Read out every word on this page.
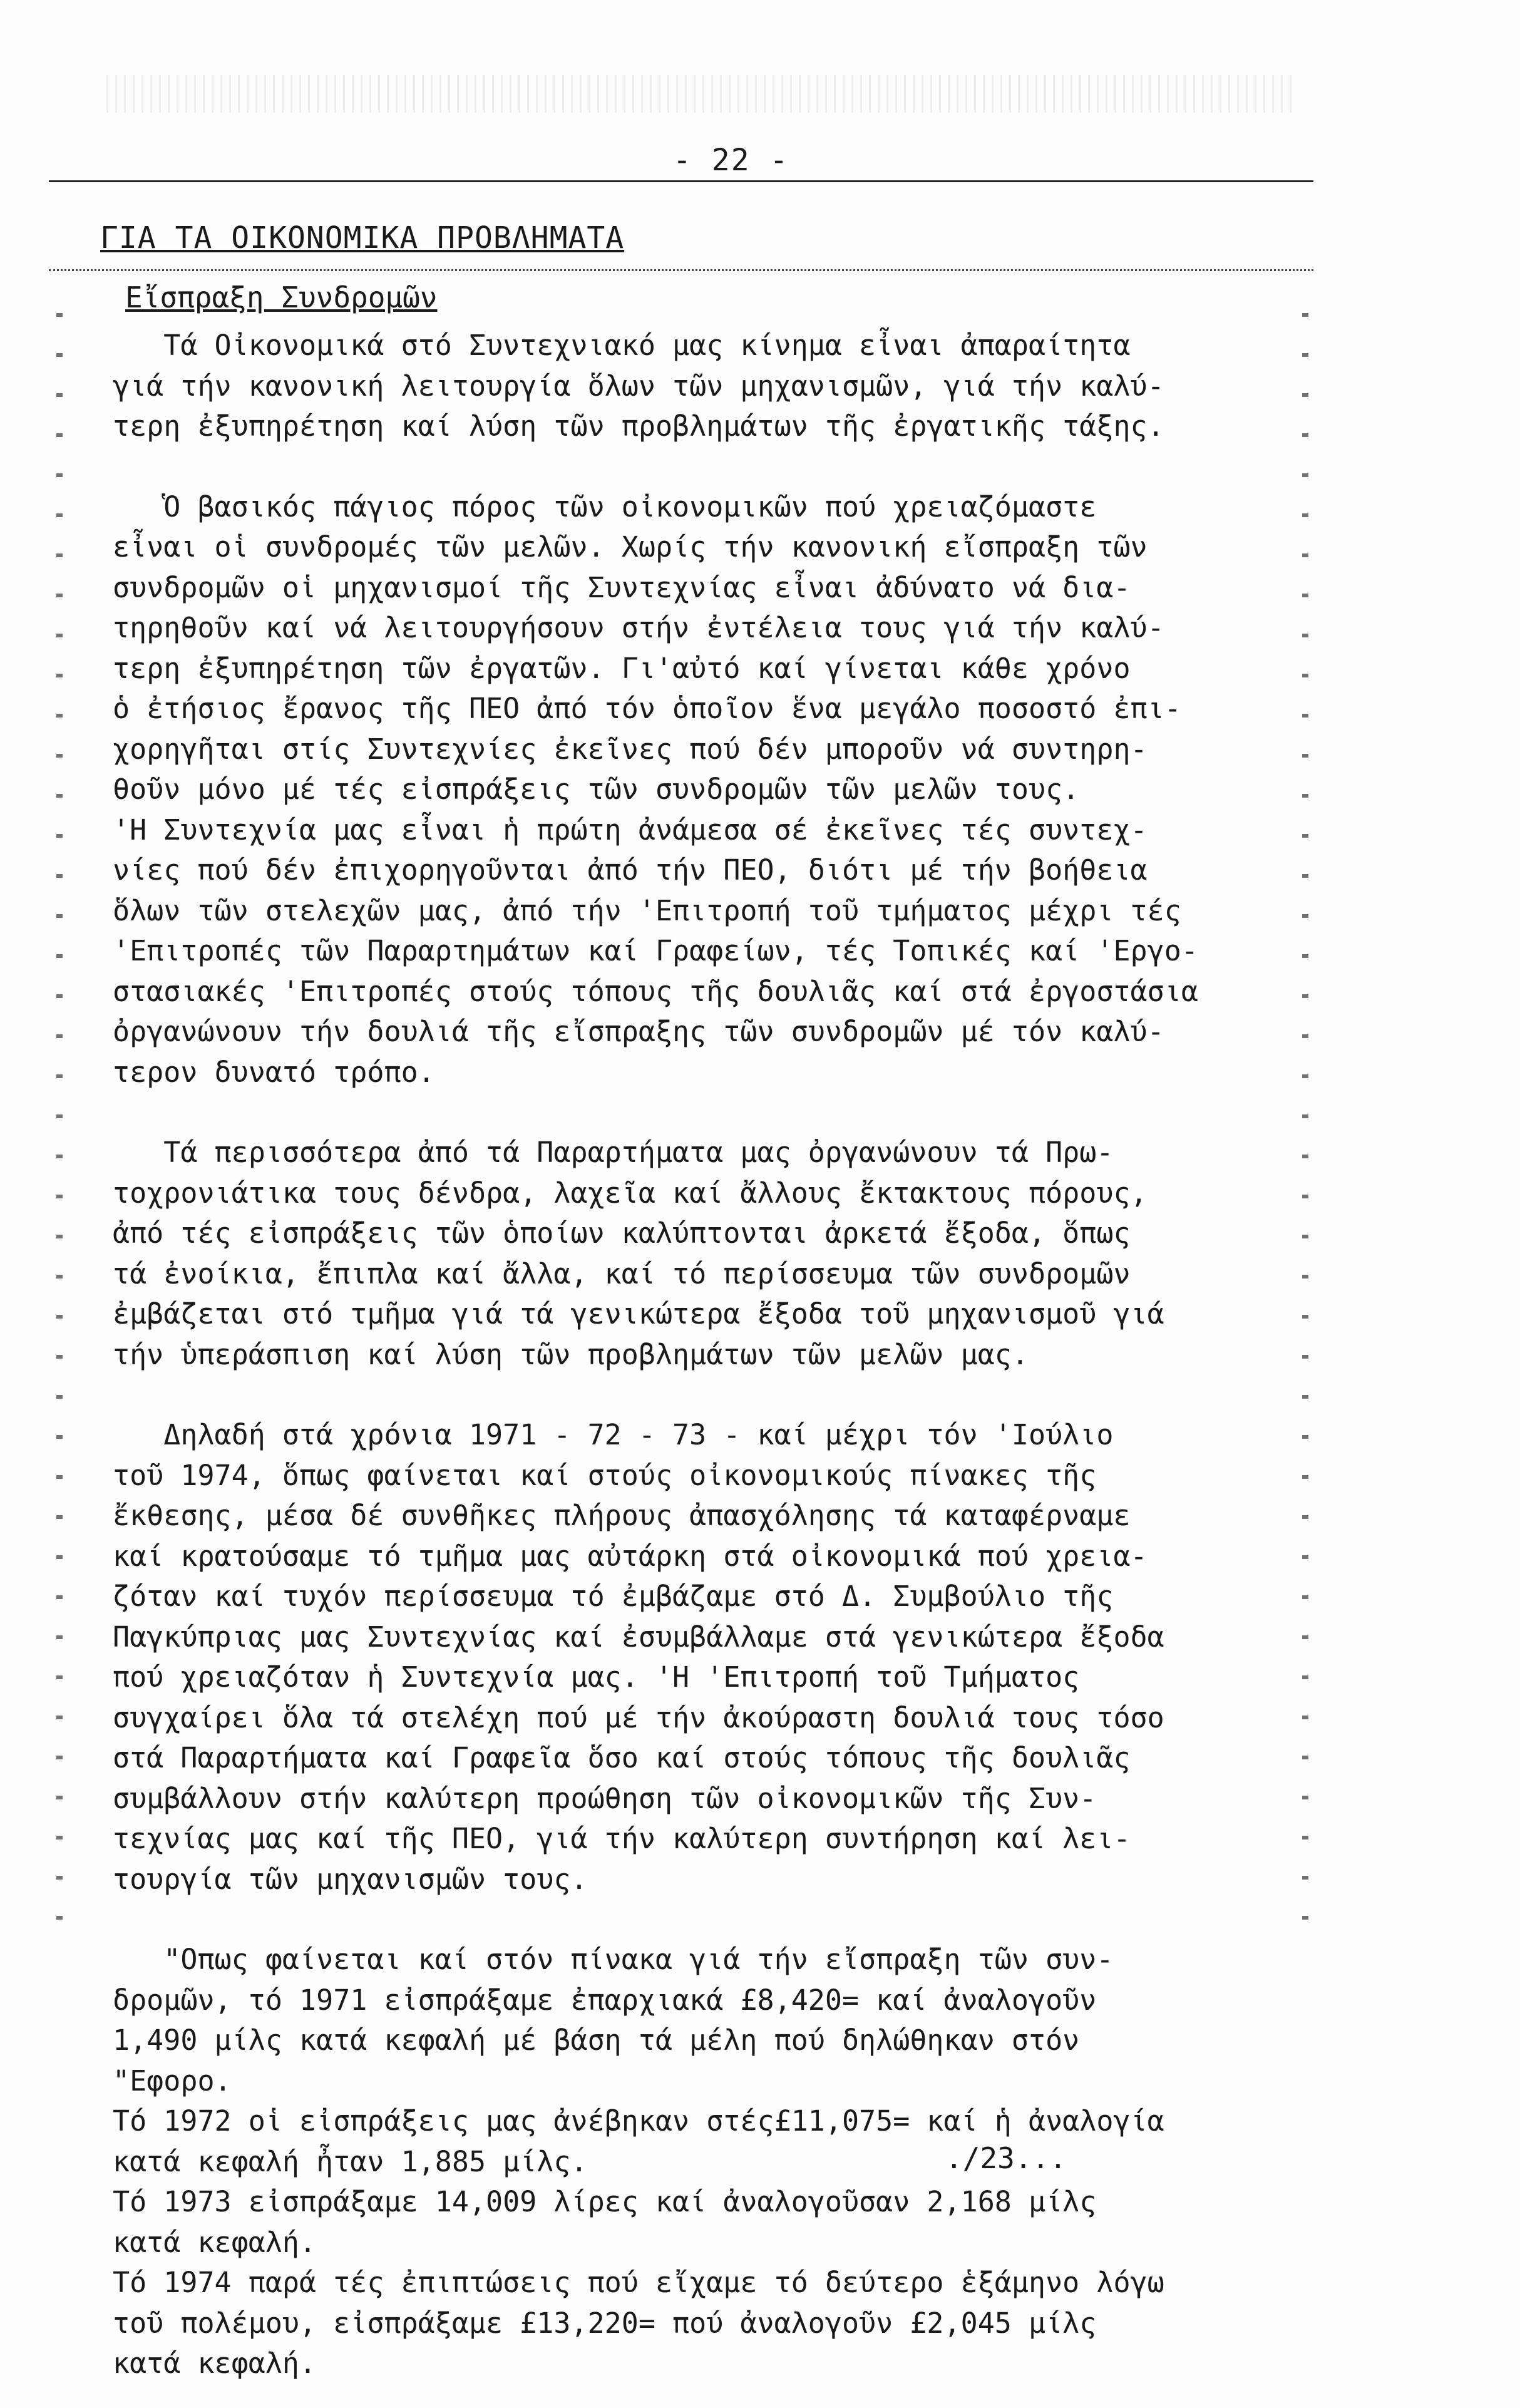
- 22 -
ΓΙΑ ΤΑ ΟΙΚΟΝΟΜΙΚΑ ΠΡΟΒΛΗΜΑΤΑ
Εἴσπραξη Συνδρομῶν
Τά Οἰκονομικά στό Συντεχνιακό μας κίνημα εἶναι ἀπαραίτητα
γιά τήν κανονική λειτουργία ὅλων τῶν μηχανισμῶν, γιά τήν καλύ-
τερη ἐξυπηρέτηση καί λύση τῶν προβλημάτων τῆς ἐργατικῆς τάξης.
Ὁ βασικός πάγιος πόρος τῶν οἰκονομικῶν πού χρειαζόμαστε
εἶναι οἱ συνδρομές τῶν μελῶν. Χωρίς τήν κανονική εἴσπραξη τῶν
συνδρομῶν οἱ μηχανισμοί τῆς Συντεχνίας εἶναι ἀδύνατο νά δια-
τηρηθοῦν καί νά λειτουργήσουν στήν ἐντέλεια τους γιά τήν καλύ-
τερη ἐξυπηρέτηση τῶν ἐργατῶν. Γι'αὐτό καί γίνεται κάθε χρόνο
ὁ ἐτήσιος ἔρανος τῆς ΠΕΟ ἀπό τόν ὁποῖον ἕνα μεγάλο ποσοστό ἐπι-
χορηγῆται στίς Συντεχνίες ἐκεῖνες πού δέν μποροῦν νά συντηρη-
θοῦν μόνο μέ τές εἰσπράξεις τῶν συνδρομῶν τῶν μελῶν τους.
'Η Συντεχνία μας εἶναι ἡ πρώτη ἀνάμεσα σέ ἐκεῖνες τές συντεχ-
νίες πού δέν ἐπιχορηγοῦνται ἀπό τήν ΠΕΟ, διότι μέ τήν βοήθεια
ὅλων τῶν στελεχῶν μας, ἀπό τήν 'Επιτροπή τοῦ τμήματος μέχρι τές
'Επιτροπές τῶν Παραρτημάτων καί Γραφείων, τές Τοπικές καί 'Εργο-
στασιακές 'Επιτροπές στούς τόπους τῆς δουλιᾶς καί στά ἐργοστάσια
ὀργανώνουν τήν δουλιά τῆς εἴσπραξης τῶν συνδρομῶν μέ τόν καλύ-
τερον δυνατό τρόπο.
Τά περισσότερα ἀπό τά Παραρτήματα μας ὀργανώνουν τά Πρω-
τοχρονιάτικα τους δένδρα, λαχεῖα καί ἄλλους ἔκτακτους πόρους,
ἀπό τές εἰσπράξεις τῶν ὁποίων καλύπτονται ἀρκετά ἔξοδα, ὅπως
τά ἐνοίκια, ἔπιπλα καί ἄλλα, καί τό περίσσευμα τῶν συνδρομῶν
ἐμβάζεται στό τμῆμα γιά τά γενικώτερα ἔξοδα τοῦ μηχανισμοῦ γιά
τήν ὑπεράσπιση καί λύση τῶν προβλημάτων τῶν μελῶν μας.
Δηλαδή στά χρόνια 1971 - 72 - 73 - καί μέχρι τόν 'Ιούλιο
τοῦ 1974, ὅπως φαίνεται καί στούς οἰκονομικούς πίνακες τῆς
ἔκθεσης, μέσα δέ συνθῆκες πλήρους ἀπασχόλησης τά καταφέρναμε
καί κρατούσαμε τό τμῆμα μας αὐτάρκη στά οἰκονομικά πού χρεια-
ζόταν καί τυχόν περίσσευμα τό ἐμβάζαμε στό Δ. Συμβούλιο τῆς
Παγκύπριας μας Συντεχνίας καί ἐσυμβάλλαμε στά γενικώτερα ἔξοδα
πού χρειαζόταν ἡ Συντεχνία μας. 'Η 'Επιτροπή τοῦ Τμήματος
συγχαίρει ὅλα τά στελέχη πού μέ τήν ἀκούραστη δουλιά τους τόσο
στά Παραρτήματα καί Γραφεῖα ὅσο καί στούς τόπους τῆς δουλιᾶς
συμβάλλουν στήν καλύτερη προώθηση τῶν οἰκονομικῶν τῆς Συν-
τεχνίας μας καί τῆς ΠΕΟ, γιά τήν καλύτερη συντήρηση καί λει-
τουργία τῶν μηχανισμῶν τους.
"Οπως φαίνεται καί στόν πίνακα γιά τήν εἴσπραξη τῶν συν-
δρομῶν, τό 1971 εἰσπράξαμε ἐπαρχιακά £8,420= καί ἀναλογοῦν
1,490 μίλς κατά κεφαλή μέ βάση τά μέλη πού δηλώθηκαν στόν
"Εφορο.
Τό 1972 οἱ εἰσπράξεις μας ἀνέβηκαν στές£11,075= καί ἡ ἀναλογία
κατά κεφαλή ἦταν 1,885 μίλς.
Τό 1973 εἰσπράξαμε 14,009 λίρες καί ἀναλογοῦσαν 2,168 μίλς
κατά κεφαλή.
Τό 1974 παρά τές ἐπιπτώσεις πού εἴχαμε τό δεύτερο ἑξάμηνο λόγω
τοῦ πολέμου, εἰσπράξαμε £13,220= πού ἀναλογοῦν £2,045 μίλς
κατά κεφαλή.
./23...
